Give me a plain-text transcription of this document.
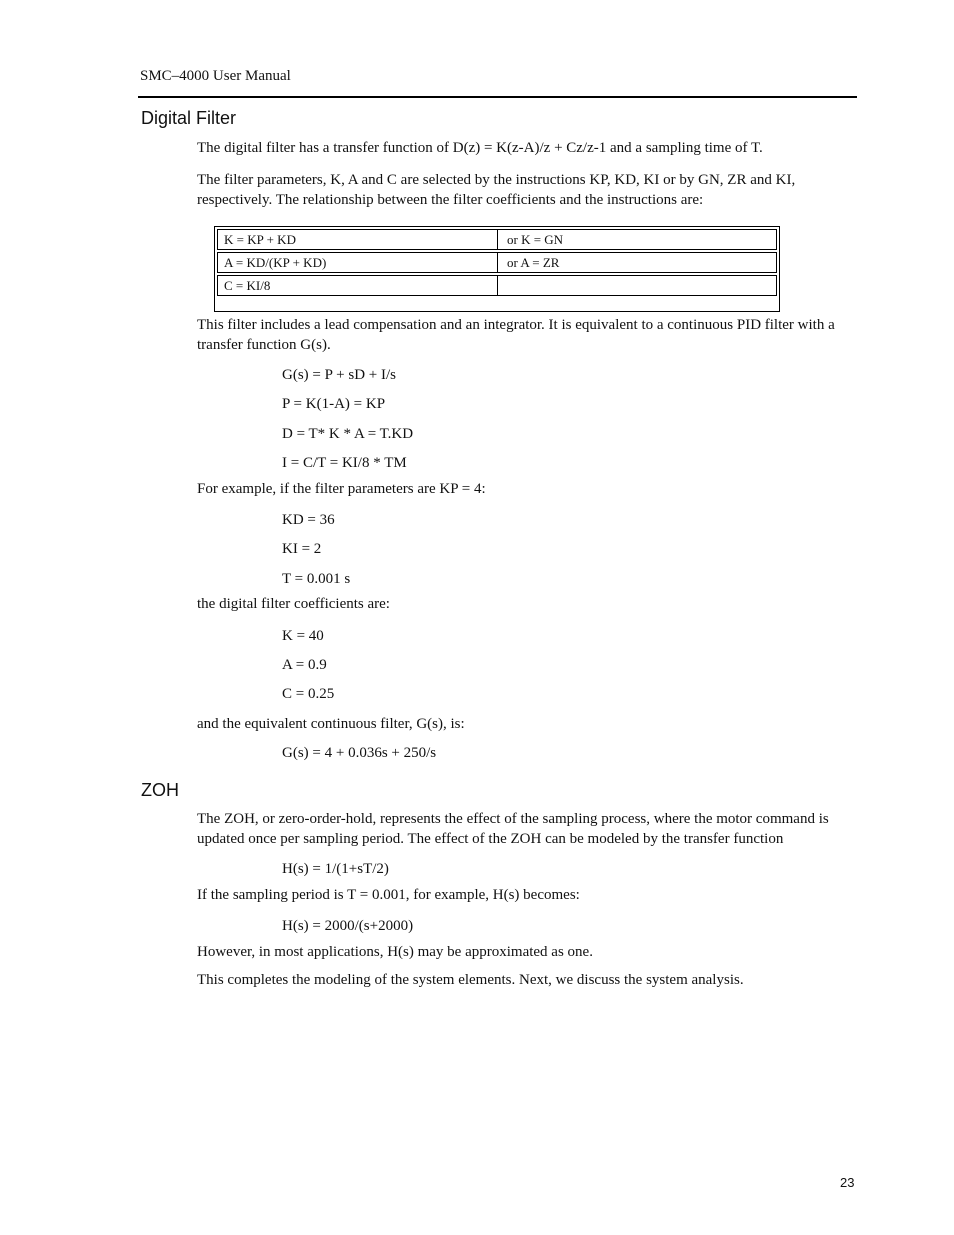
SMC–4000 User Manual
Digital Filter
The digital filter has a transfer function of D(z) = K(z-A)/z + Cz/z-1 and a sampling time of T.
The filter parameters, K, A and C are selected by the instructions KP, KD, KI or by GN, ZR and KI, respectively. The relationship between the filter coefficients and the instructions are:
K = KP + KD	or K = GN
A = KD/(KP + KD)	or A = ZR
C = KI/8	
This filter includes a lead compensation and an integrator. It is equivalent to a continuous PID filter with a transfer function G(s).
G(s) = P + sD + I/s
P = K(1-A) = KP
D = T* K * A = T.KD
I = C/T = KI/8 * TM
For example, if the filter parameters are KP = 4:
KD = 36
KI = 2
T = 0.001 s
the digital filter coefficients are:
K = 40
A = 0.9
C = 0.25
and the equivalent continuous filter, G(s), is:
G(s) = 4 + 0.036s + 250/s
ZOH
The ZOH, or zero-order-hold, represents the effect of the sampling process, where the motor command is updated once per sampling period. The effect of the ZOH can be modeled by the transfer function
H(s) = 1/(1+sT/2)
If the sampling period is T = 0.001, for example, H(s) becomes:
H(s) = 2000/(s+2000)
However, in most applications, H(s) may be approximated as one.
This completes the modeling of the system elements. Next, we discuss the system analysis.
23
